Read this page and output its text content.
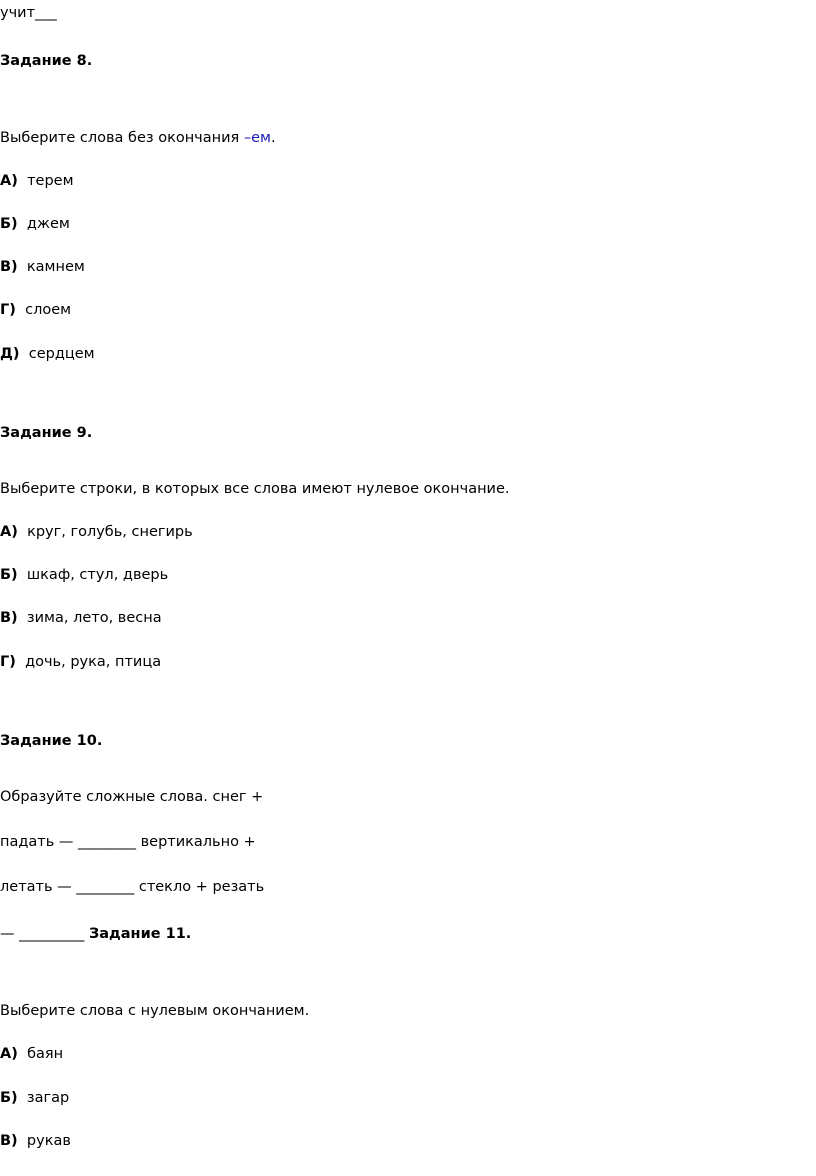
учит___
Задание 8.
Выберите слова без окончания –ем.
А) терем
Б) джем
В) камнем
Г) слоем
Д) сердцем
Задание 9.
Выберите строки, в которых все слова имеют нулевое окончание.
А) круг, голубь, снегирь
Б) шкаф, стул, дверь
В) зима, лето, весна
Г) дочь, рука, птица
Задание 10.
Образуйте сложные слова. снег +
падать — ________ вертикально +
летать — ________ стекло + резать
— _________ Задание 11.
Выберите слова с нулевым окончанием.
А) баян
Б) загар
В) рукав
